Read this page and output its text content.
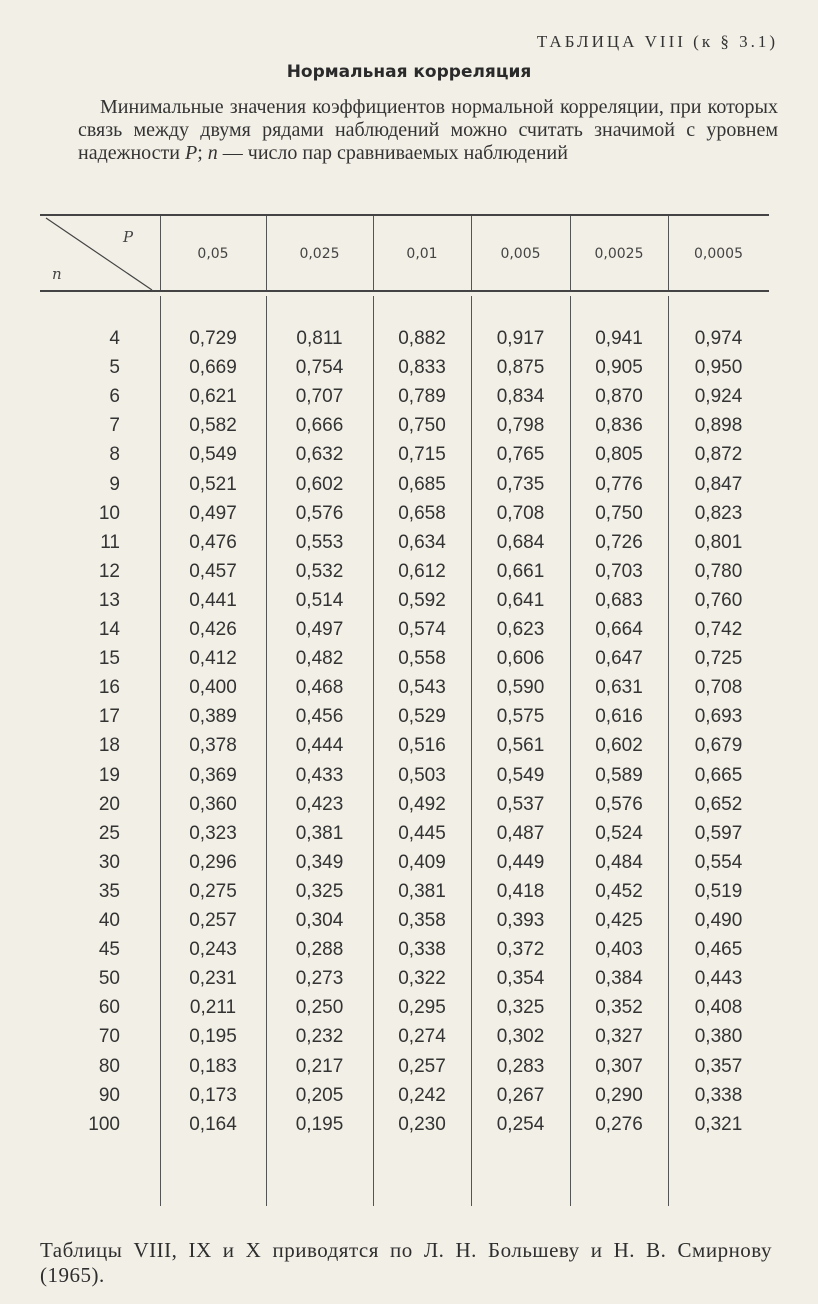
ТАБЛИЦА VIII (к § 3.1)
Нормальная корреляция
Минимальные значения коэффициентов нормальной корреляции, при которых связь между двумя рядами наблюдений можно считать значимой с уровнем надежности P; n — число пар сравниваемых наблюдений
P
n
0,05	0,025	0,01	0,005	0,0025	0,0005
4	0,729	0,811	0,882	0,917	0,941	0,974
5	0,669	0,754	0,833	0,875	0,905	0,950
6	0,621	0,707	0,789	0,834	0,870	0,924
7	0,582	0,666	0,750	0,798	0,836	0,898
8	0,549	0,632	0,715	0,765	0,805	0,872
9	0,521	0,602	0,685	0,735	0,776	0,847
10	0,497	0,576	0,658	0,708	0,750	0,823
11	0,476	0,553	0,634	0,684	0,726	0,801
12	0,457	0,532	0,612	0,661	0,703	0,780
13	0,441	0,514	0,592	0,641	0,683	0,760
14	0,426	0,497	0,574	0,623	0,664	0,742
15	0,412	0,482	0,558	0,606	0,647	0,725
16	0,400	0,468	0,543	0,590	0,631	0,708
17	0,389	0,456	0,529	0,575	0,616	0,693
18	0,378	0,444	0,516	0,561	0,602	0,679
19	0,369	0,433	0,503	0,549	0,589	0,665
20	0,360	0,423	0,492	0,537	0,576	0,652
25	0,323	0,381	0,445	0,487	0,524	0,597
30	0,296	0,349	0,409	0,449	0,484	0,554
35	0,275	0,325	0,381	0,418	0,452	0,519
40	0,257	0,304	0,358	0,393	0,425	0,490
45	0,243	0,288	0,338	0,372	0,403	0,465
50	0,231	0,273	0,322	0,354	0,384	0,443
60	0,211	0,250	0,295	0,325	0,352	0,408
70	0,195	0,232	0,274	0,302	0,327	0,380
80	0,183	0,217	0,257	0,283	0,307	0,357
90	0,173	0,205	0,242	0,267	0,290	0,338
100	0,164	0,195	0,230	0,254	0,276	0,321
Таблицы VIII, IX и X приводятся по Л. Н. Большеву и Н. В. Смирнову (1965).
